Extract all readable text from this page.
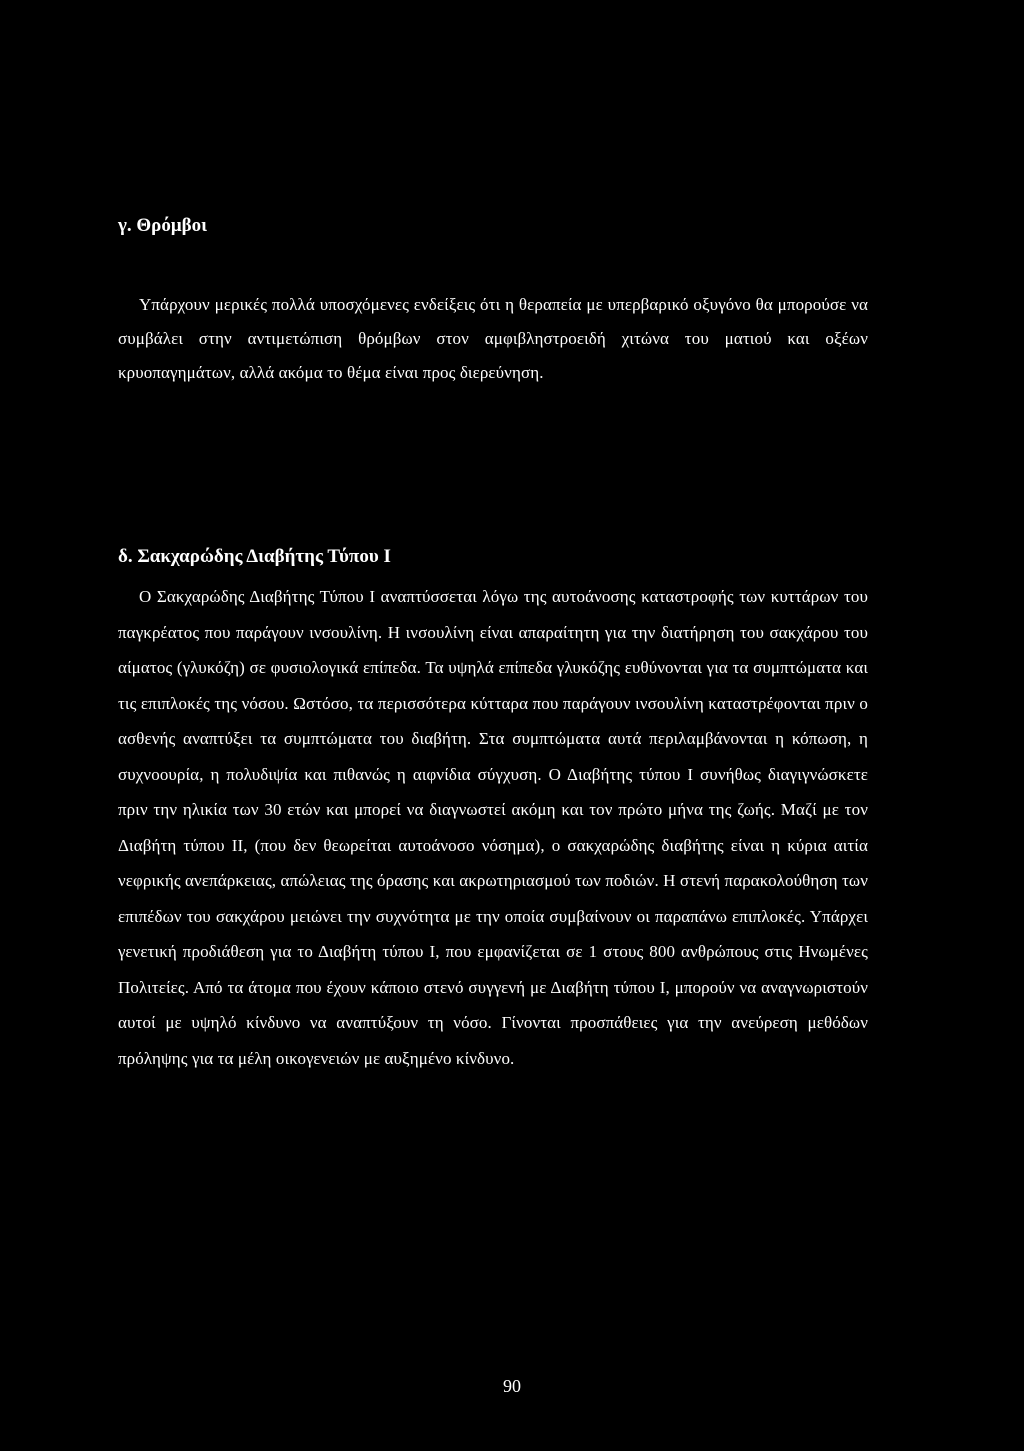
γ. Θρόμβοι

Υπάρχουν μερικές πολλά υποσχόμενες ενδείξεις ότι η θεραπεία με υπερβαρικό οξυγόνο θα μπορούσε να συμβάλει στην αντιμετώπιση θρόμβων στον αμφιβληστροειδή χιτώνα του ματιού και οξέων κρυοπαγημάτων, αλλά ακόμα το θέμα είναι προς διερεύνηση.

δ. Σακχαρώδης Διαβήτης Τύπου I

Ο Σακχαρώδης Διαβήτης Τύπου I αναπτύσσεται λόγω της αυτοάνοσης καταστροφής των κυττάρων του παγκρέατος που παράγουν ινσουλίνη. Η ινσουλίνη είναι απαραίτητη για την διατήρηση του σακχάρου του αίματος (γλυκόζη) σε φυσιολογικά επίπεδα. Τα υψηλά επίπεδα γλυκόζης ευθύνονται για τα συμπτώματα και τις επιπλοκές της νόσου. Ωστόσο, τα περισσότερα κύτταρα που παράγουν ινσουλίνη καταστρέφονται πριν ο ασθενής αναπτύξει τα συμπτώματα του διαβήτη. Στα συμπτώματα αυτά περιλαμβάνονται η κόπωση, η συχνοουρία, η πολυδιψία και πιθανώς η αιφνίδια σύγχυση. Ο Διαβήτης τύπου I συνήθως διαγιγνώσκετε πριν την ηλικία των 30 ετών και μπορεί να διαγνωστεί ακόμη και τον πρώτο μήνα της ζωής. Μαζί με τον Διαβήτη τύπου II, (που δεν θεωρείται αυτοάνοσο νόσημα), ο σακχαρώδης διαβήτης είναι η κύρια αιτία νεφρικής ανεπάρκειας, απώλειας της όρασης και ακρωτηριασμού των ποδιών. Η στενή παρακολούθηση των επιπέδων του σακχάρου μειώνει την συχνότητα με την οποία συμβαίνουν οι παραπάνω επιπλοκές. Υπάρχει γενετική προδιάθεση για το Διαβήτη τύπου I, που εμφανίζεται σε 1 στους 800 ανθρώπους στις Ηνωμένες Πολιτείες. Από τα άτομα που έχουν κάποιο στενό συγγενή με Διαβήτη τύπου I, μπορούν να αναγνωριστούν αυτοί με υψηλό κίνδυνο να αναπτύξουν τη νόσο. Γίνονται προσπάθειες για την ανεύρεση μεθόδων πρόληψης για τα μέλη οικογενειών με αυξημένο κίνδυνο.

90
